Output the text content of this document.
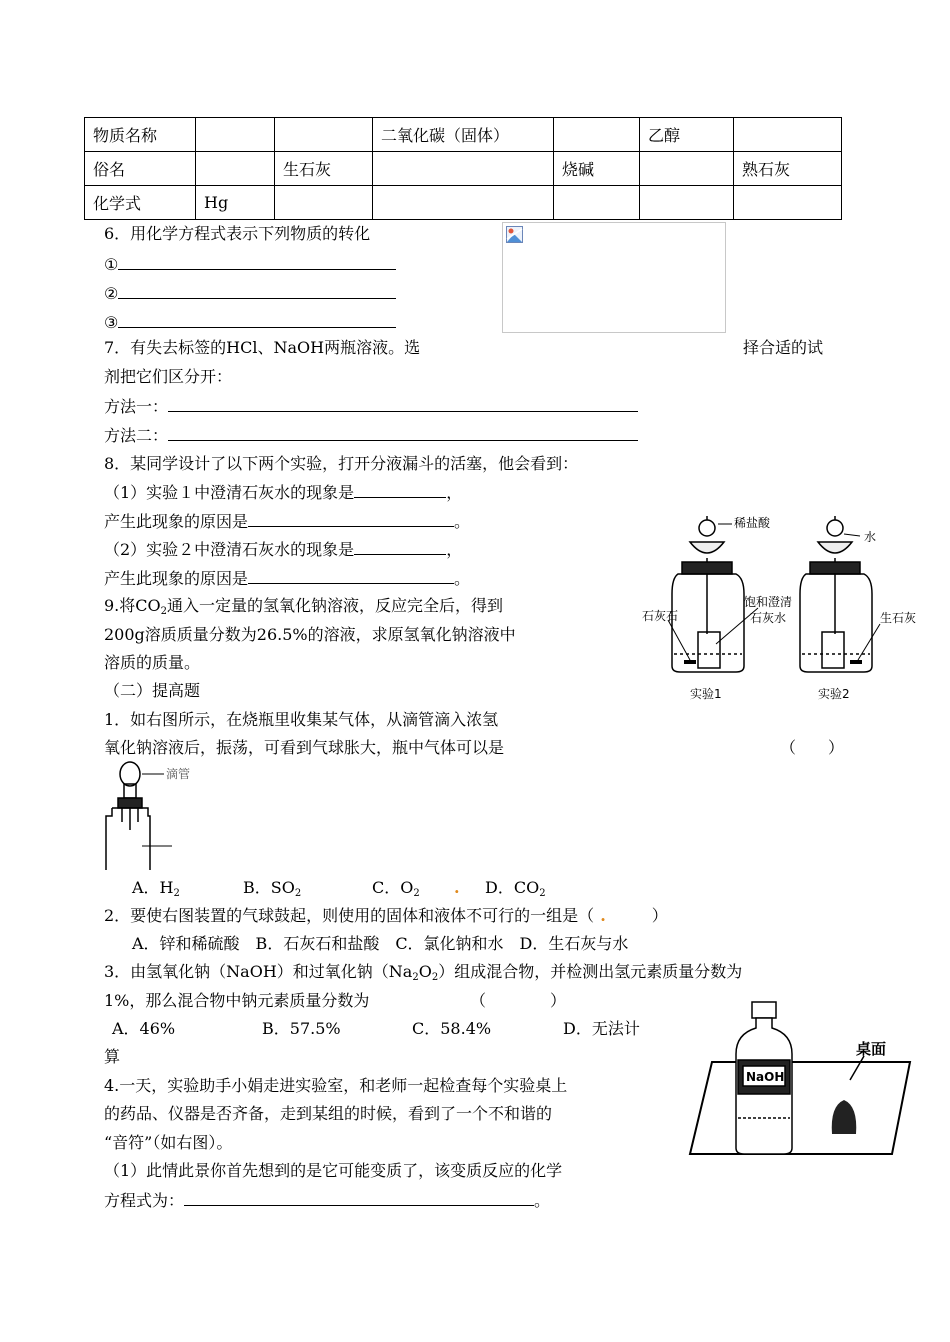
物质名称			二氧化碳（固体）		乙醇	
俗名		生石灰		烧碱		熟石灰
化学式	Hg					
6．用化学方程式表示下列物质的转化
①
②
③
7．有失去标签的HCl、NaOH两瓶溶液。选	择合适的试
剂把它们区分开：
方法一：
方法二：
8．某同学设计了以下两个实验，打开分液漏斗的活塞，他会看到：
（1）实验１中澄清石灰水的现象是	，
产生此现象的原因是	。
（2）实验２中澄清石灰水的现象是	，
产生此现象的原因是	。
稀盐酸
水
石灰石
饱和澄清
石灰水	生石灰
实验1	实验2
9.将$CO_2$通入一定量的氢氧化钠溶液，反应完全后，得到
200g溶质质量分数为26.5%的溶液，求原氢氧化钠溶液中
溶质的质量。
（二）提高题
1．如右图所示，在烧瓶里收集某气体，从滴管滴入浓氢
氧化钠溶液后，振荡，可看到气球胀大，瓶中气体可以是	（　　）
滴管
A．$H_2$	B．$SO_2$	C．$O_2$ . D．$CO_2$
2．要使右图装置的气球鼓起，则使用的固体和液体不可行的一组是（ .	）
A．锌和稀硫酸　B．石灰石和盐酸　C．氯化钠和水　D．生石灰与水
3．由氢氧化钠（NaOH）和过氧化钠$(Na_2O_2)$组成混合物，并检测出氢元素质量分数为
1%，那么混合物中钠元素质量分数为	（　　　　）
A．46%	B．57.5%	C．58.4%	D．无法计
算
NaOH
桌面
4.一天，实验助手小娟走进实验室，和老师一起检查每个实验桌上
的药品、仪器是否齐备，走到某组的时候，看到了一个不和谐的
“音符”（如右图）。
（1）此情此景你首先想到的是它可能变质了，该变质反应的化学
方程式为：	。
